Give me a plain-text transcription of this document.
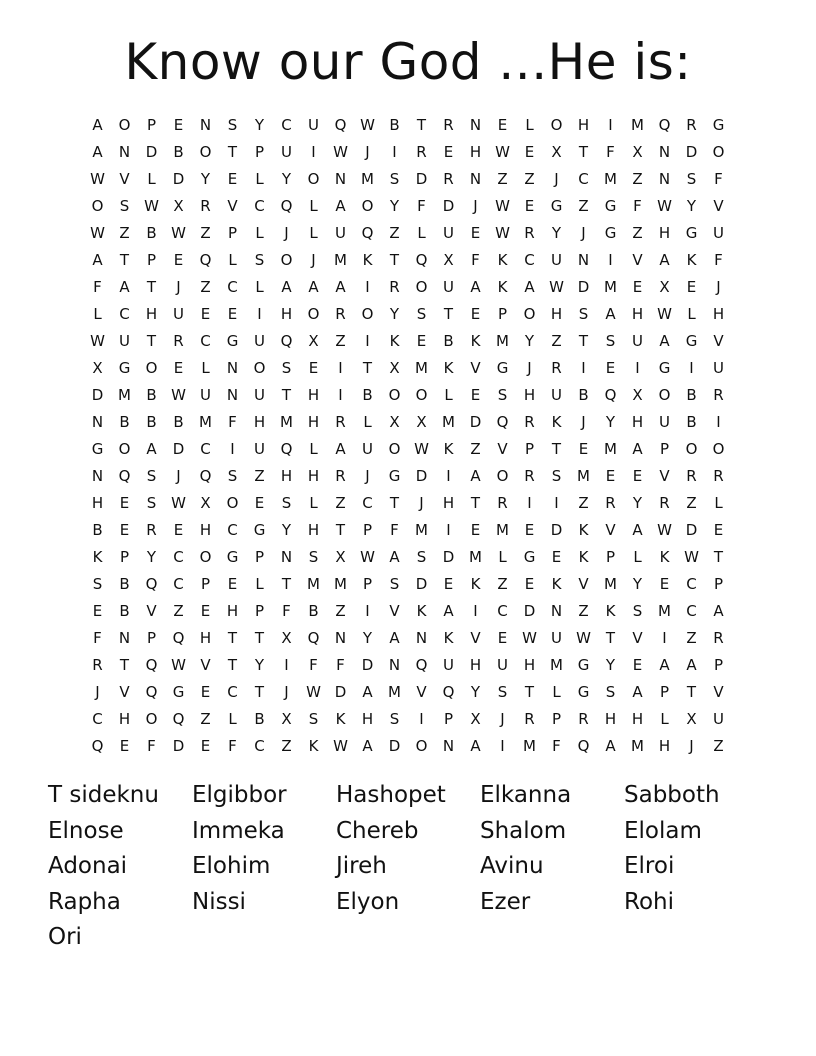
Know our God ...He is:
A	O	P	E	N	S	Y	C	U	Q W B	T	R	N	E	L	O	H	I	M Q	R	G
A	N	D	B	O	T	P	U	I	W	J	I	R	E	H W E	X	T	F	X	N	D	O
W V	L	D	Y	E	L	Y	O	N M	S	D	R	N	Z	Z	J	C	M	Z	N	S	F
O	S W X	R	V	C	Q	L	A	O	Y	F	D	J	W E	G	Z	G	F	W Y	V
W Z	B W Z	P	L	J	L	U	Q	Z	L	U	E W R	Y	J	G	Z	H	G	U
A	T	P	E	Q	L	S	O	J	M	K	T	Q	X	F	K	C	U	N	I	V	A	K	F
F	A	T	J	Z	C	L	A	A	A	I	R	O	U	A	K	A W D M	E	X	E	J
L	C	H	U	E	E	I	H	O	R	O	Y	S	T	E	P	O	H	S	A	H W	L	H
W U	T	R	C	G	U	Q	X	Z	I	K	E	B	K	M	Y	Z	T	S	U	A	G	V
X	G	O	E	L	N	O	S	E	I	T	X	M	K	V	G	J	R	I	E	I	G	I	U
D M	B W U	N	U	T	H	I	B	O	O	L	E	S	H	U	B	Q	X	O	B	R
N	B	B	B	M	F	H M H	R	L	X	X	M D	Q	R	K	J	Y	H	U	B	I
G	O	A	D	C	I	U	Q	L	A	U	O W K	Z	V	P	T	E	M	A	P	O	O
N	Q	S	J	Q	S	Z	H	H	R	J	G	D	I	A	O	R	S	M	E	E	V	R	R
H	E	S W X	O	E	S	L	Z	C	T	J	H	T	R	I	I	Z	R	Y	R	Z	L
B	E	R	E	H	C	G	Y	H	T	P	F	M	I	E	M	E	D	K	V	A W D	E
K	P	Y	C	O	G	P	N	S	X W A	S	D M	L	G	E	K	P	L	K W T
S	B	Q	C	P	E	L	T	M M	P	S	D	E	K	Z	E	K	V	M	Y	E	C	P
E	B	V	Z	E	H	P	F	B	Z	I	V	K	A	I	C	D	N	Z	K	S	M	C	A
F	N	P	Q	H	T	T	X	Q	N	Y	A	N	K	V	E W U W T	V	I	Z	R
R	T	Q W V	T	Y	I	F	F	D	N	Q	U	H	U	H M G	Y	E	A	A	P
J	V	Q	G	E	C	T	J	W D	A	M	V	Q	Y	S	T	L	G	S	A	P	T	V
C	H	O	Q	Z	L	B	X	S	K	H	S	I	P	X	J	R	P	R	H	H	L	X	U
Q	E	F	D	E	F	C	Z	K W A	D	O	N	A	I	M	F	Q	A	M H	J	Z
T sideknu	Elgibbor	Hashopet	Elkanna	Sabboth
Elnose	Immeka	Chereb	Shalom	Elolam
Adonai	Elohim	Jireh	Avinu	Elroi
Rapha	Nissi	Elyon	Ezer	Rohi
Ori
